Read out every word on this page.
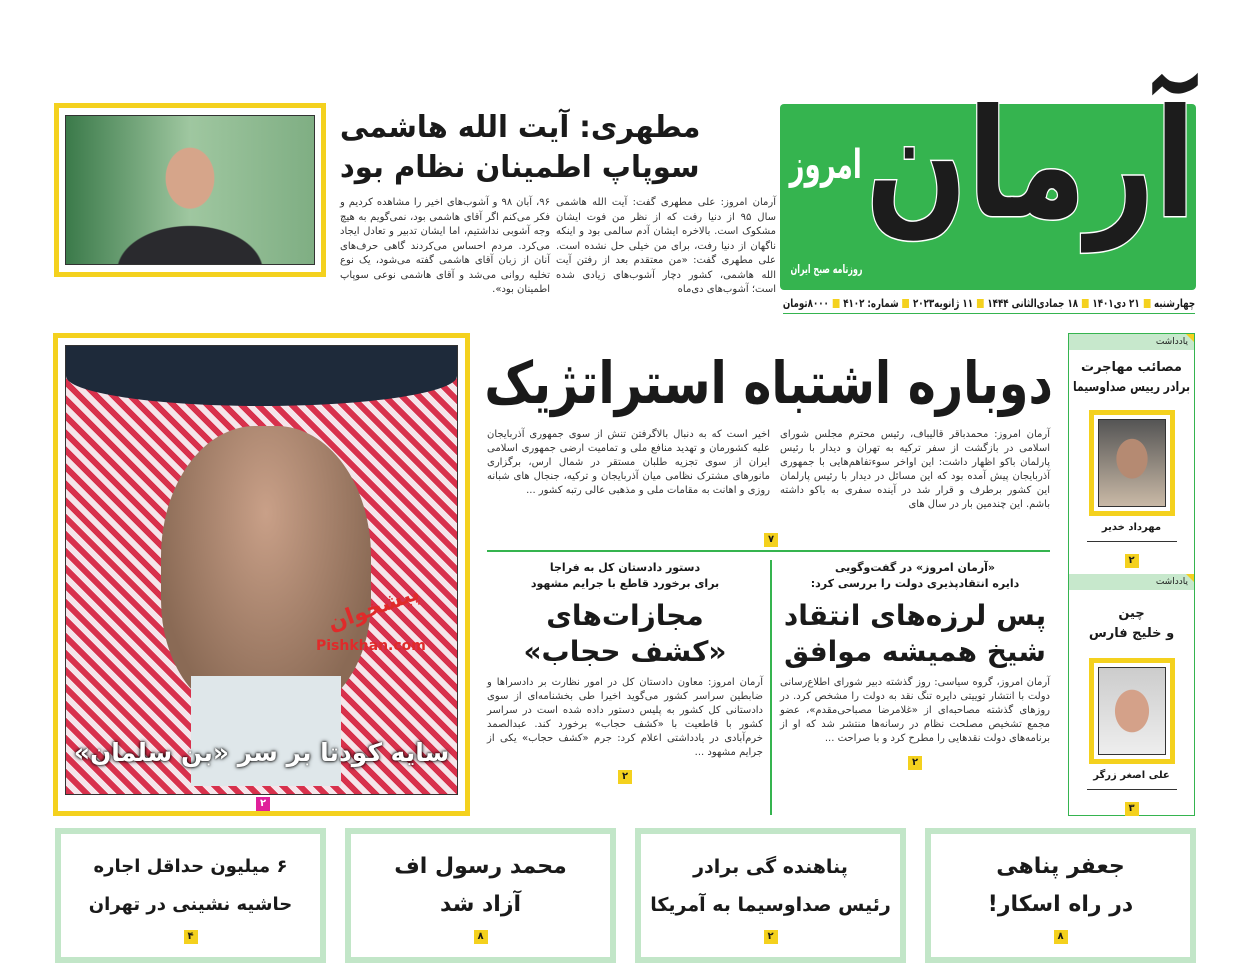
آرمان
امروز
روزنامه صبح ایران
چهارشنبه
۲۱ دی۱۴۰۱
۱۸ جمادی‌الثانی ۱۴۴۴
۱۱ ژانویه۲۰۲۳
شماره: ۴۱۰۲
۸۰۰۰تومان
مطهری: آیت الله هاشمی
سوپاپ اطمینان نظام بود
آرمان امروز: علی مطهری گفت: آیت الله هاشمی سال ۹۵ از دنیا رفت که از نظر من فوت ایشان مشکوک است. بالاخره ایشان آدم سالمی بود و اینکه ناگهان از دنیا رفت، برای من خیلی حل نشده است. علی مطهری گفت: «من معتقدم بعد از رفتن آیت الله هاشمی، کشور دچار آشوب‌های زیادی شده است؛ آشوب‌های دی‌ماه
۹۶، آبان ۹۸ و آشوب‌های اخیر را مشاهده کردیم و فکر می‌کنم اگر آقای هاشمی بود، نمی‌گویم به هیچ وجه آشوبی نداشتیم، اما ایشان تدبیر و تعادل ایجاد می‌کرد. مردم احساس می‌کردند گاهی حرف‌های آنان از زبان آقای هاشمی گفته می‌شود، یک نوع تخلیه روانی می‌شد و آقای هاشمی نوعی سوپاپ اطمینان بود».
پیشخوان
Pishkhan.com
سایه کودتا بر سر «بن سلمان»
۲
دوباره اشتباه استراتژیک
آرمان امروز: محمدباقر قالیباف، رئیس محترم مجلس شورای اسلامی در بازگشت از سفر ترکیه به تهران و دیدار با رئیس پارلمان باکو اظهار داشت: این اواخر سوءتفاهم‌هایی با جمهوری آذربایجان پیش آمده بود که این مسائل در دیدار با رئیس پارلمان این کشور برطرف و قرار شد در آینده سفری به باکو داشته باشم. این چندمین بار در سال های
اخیر است که به دنبال بالاگرفتن تنش از سوی جمهوری آذربایجان علیه کشورمان و تهدید منافع ملی و تمامیت ارضی جمهوری اسلامی ایران از سوی تجزیه طلبان مستقر در شمال ارس، برگزاری مانورهای مشترک نظامی میان آذربایجان و ترکیه، جنجال های شبانه روزی و اهانت به مقامات ملی و مذهبی عالی رتبه کشور ...
۷
«آرمان امروز» در گفت‌وگویی
دایره انتقادپذیری دولت را بررسی کرد:
پس لرزه‌های انتقاد
شیخ همیشه موافق
آرمان امروز، گروه سیاسی: روز گذشته دبیر شورای اطلاع‌رسانی دولت با انتشار توییتی دایره تنگ نقد به دولت را مشخص کرد. در روزهای گذشته مصاحبه‌ای از «غلامرضا مصباحی‌مقدم»، عضو مجمع تشخیص مصلحت نظام در رسانه‌ها منتشر شد که او از برنامه‌های دولت نقدهایی را مطرح کرد و با صراحت ...
۲
دستور دادستان کل به فراجا
برای برخورد قاطع با جرایم مشهود
مجازات‌های
«کشف حجاب»
آرمان امروز: معاون دادستان کل در امور نظارت بر دادسراها و ضابطین سراسر کشور می‌گوید اخیرا طی بخشنامه‌ای از سوی دادستانی کل کشور به پلیس دستور داده شده است در سراسر کشور با قاطعیت با «کشف حجاب» برخورد کند. عبدالصمد خرم‌آبادی در یادداشتی اعلام کرد: جرم «کشف حجاب» یکی از جرایم مشهود ...
۲
یادداشت
مصائب مهاجرت
برادر رییس صداوسیما
مهرداد خدیر
۲
یادداشت
چین
و خلیج فارس
علی اصغر زرگر
۳
جعفر پناهی
در راه اسکار!
۸
پناهنده گی برادر
رئیس صداوسیما به آمریکا
۲
محمد رسول اف
آزاد شد
۸
۶ میلیون حداقل اجاره
حاشیه نشینی در تهران
۴
